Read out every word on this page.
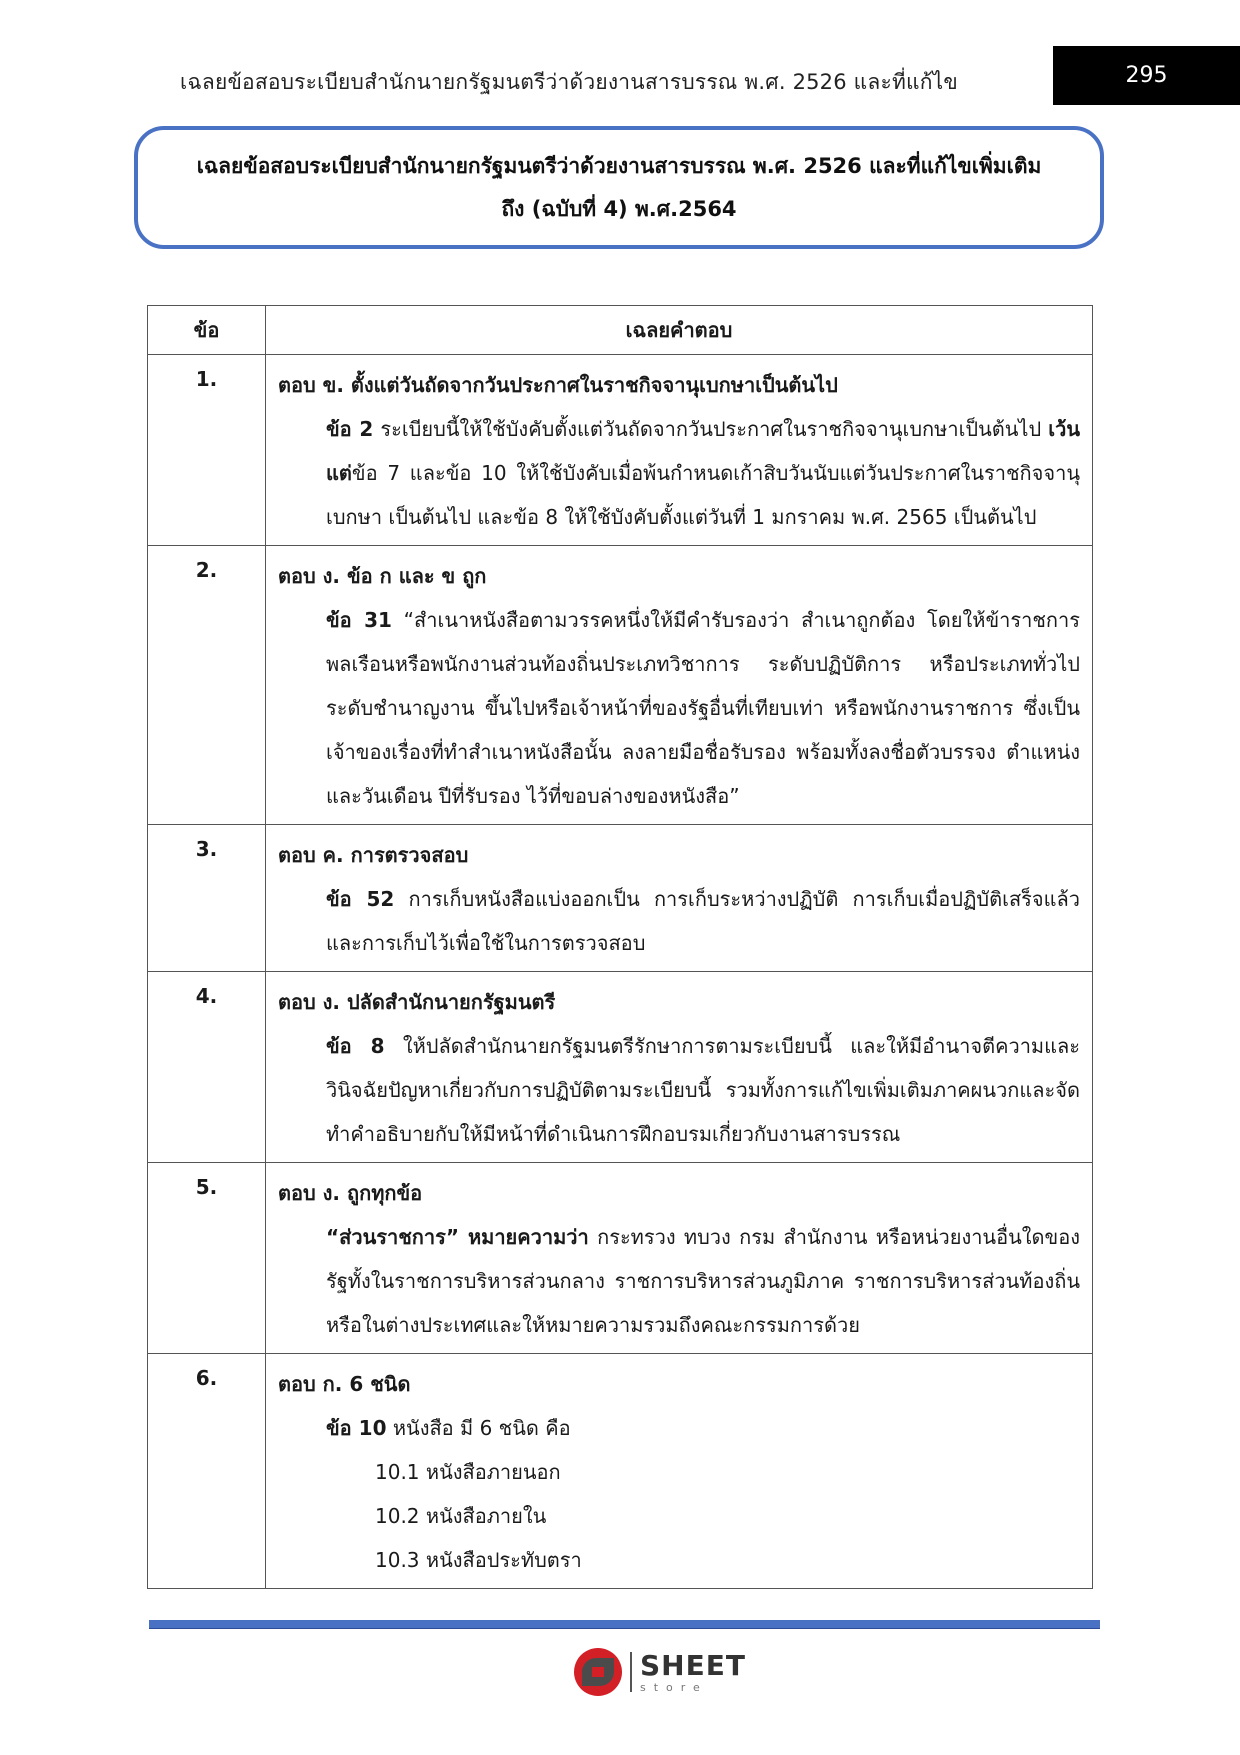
เฉลยข้อสอบระเบียบสำนักนายกรัฐมนตรีว่าด้วยงานสารบรรณ พ.ศ. 2526 และที่แก้ไข	295
เฉลยข้อสอบระเบียบสำนักนายกรัฐมนตรีว่าด้วยงานสารบรรณ พ.ศ. 2526 และที่แก้ไขเพิ่มเติม
ถึง (ฉบับที่ 4) พ.ศ.2564
ข้อ	เฉลยคำตอบ
1.	ตอบ ข. ตั้งแต่วันถัดจากวันประกาศในราชกิจจานุเบกษาเป็นต้นไป
ข้อ 2 ระเบียบนี้ให้ใช้บังคับตั้งแต่วันถัดจากวันประกาศในราชกิจจานุเบกษาเป็นต้นไป เว้นแต่ข้อ 7 และข้อ 10 ให้ใช้บังคับเมื่อพ้นกำหนดเก้าสิบวันนับแต่วันประกาศในราชกิจจานุเบกษา เป็นต้นไป และข้อ 8 ให้ใช้บังคับตั้งแต่วันที่ 1 มกราคม พ.ศ. 2565 เป็นต้นไป

2.	ตอบ ง. ข้อ ก และ ข ถูก
ข้อ 31 “สำเนาหนังสือตามวรรคหนึ่งให้มีคำรับรองว่า สำเนาถูกต้อง โดยให้ข้าราชการพลเรือนหรือพนักงานส่วนท้องถิ่นประเภทวิชาการ ระดับปฏิบัติการ หรือประเภททั่วไป ระดับชำนาญงาน ขึ้นไปหรือเจ้าหน้าที่ของรัฐอื่นที่เทียบเท่า หรือพนักงานราชการ ซึ่งเป็นเจ้าของเรื่องที่ทำสำเนาหนังสือนั้น ลงลายมือชื่อรับรอง พร้อมทั้งลงชื่อตัวบรรจง ตำแหน่ง และวันเดือน ปีที่รับรอง ไว้ที่ขอบล่างของหนังสือ”

3.	ตอบ ค. การตรวจสอบ
ข้อ 52 การเก็บหนังสือแบ่งออกเป็น การเก็บระหว่างปฏิบัติ การเก็บเมื่อปฏิบัติเสร็จแล้ว และการเก็บไว้เพื่อใช้ในการตรวจสอบ

4.	ตอบ ง. ปลัดสำนักนายกรัฐมนตรี
ข้อ 8 ให้ปลัดสำนักนายกรัฐมนตรีรักษาการตามระเบียบนี้ และให้มีอำนาจตีความและวินิจฉัยปัญหาเกี่ยวกับการปฏิบัติตามระเบียบนี้ รวมทั้งการแก้ไขเพิ่มเติมภาคผนวกและจัดทำคำอธิบายกับให้มีหน้าที่ดำเนินการฝึกอบรมเกี่ยวกับงานสารบรรณ

5.	ตอบ ง. ถูกทุกข้อ
“ส่วนราชการ” หมายความว่า กระทรวง ทบวง กรม สำนักงาน หรือหน่วยงานอื่นใดของรัฐทั้งในราชการบริหารส่วนกลาง ราชการบริหารส่วนภูมิภาค ราชการบริหารส่วนท้องถิ่น หรือในต่างประเทศและให้หมายความรวมถึงคณะกรรมการด้วย

6.	ตอบ ก. 6 ชนิด
ข้อ 10 หนังสือ มี 6 ชนิด คือ
10.1 หนังสือภายนอก
10.2 หนังสือภายใน
10.3 หนังสือประทับตรา
SHEET
store
